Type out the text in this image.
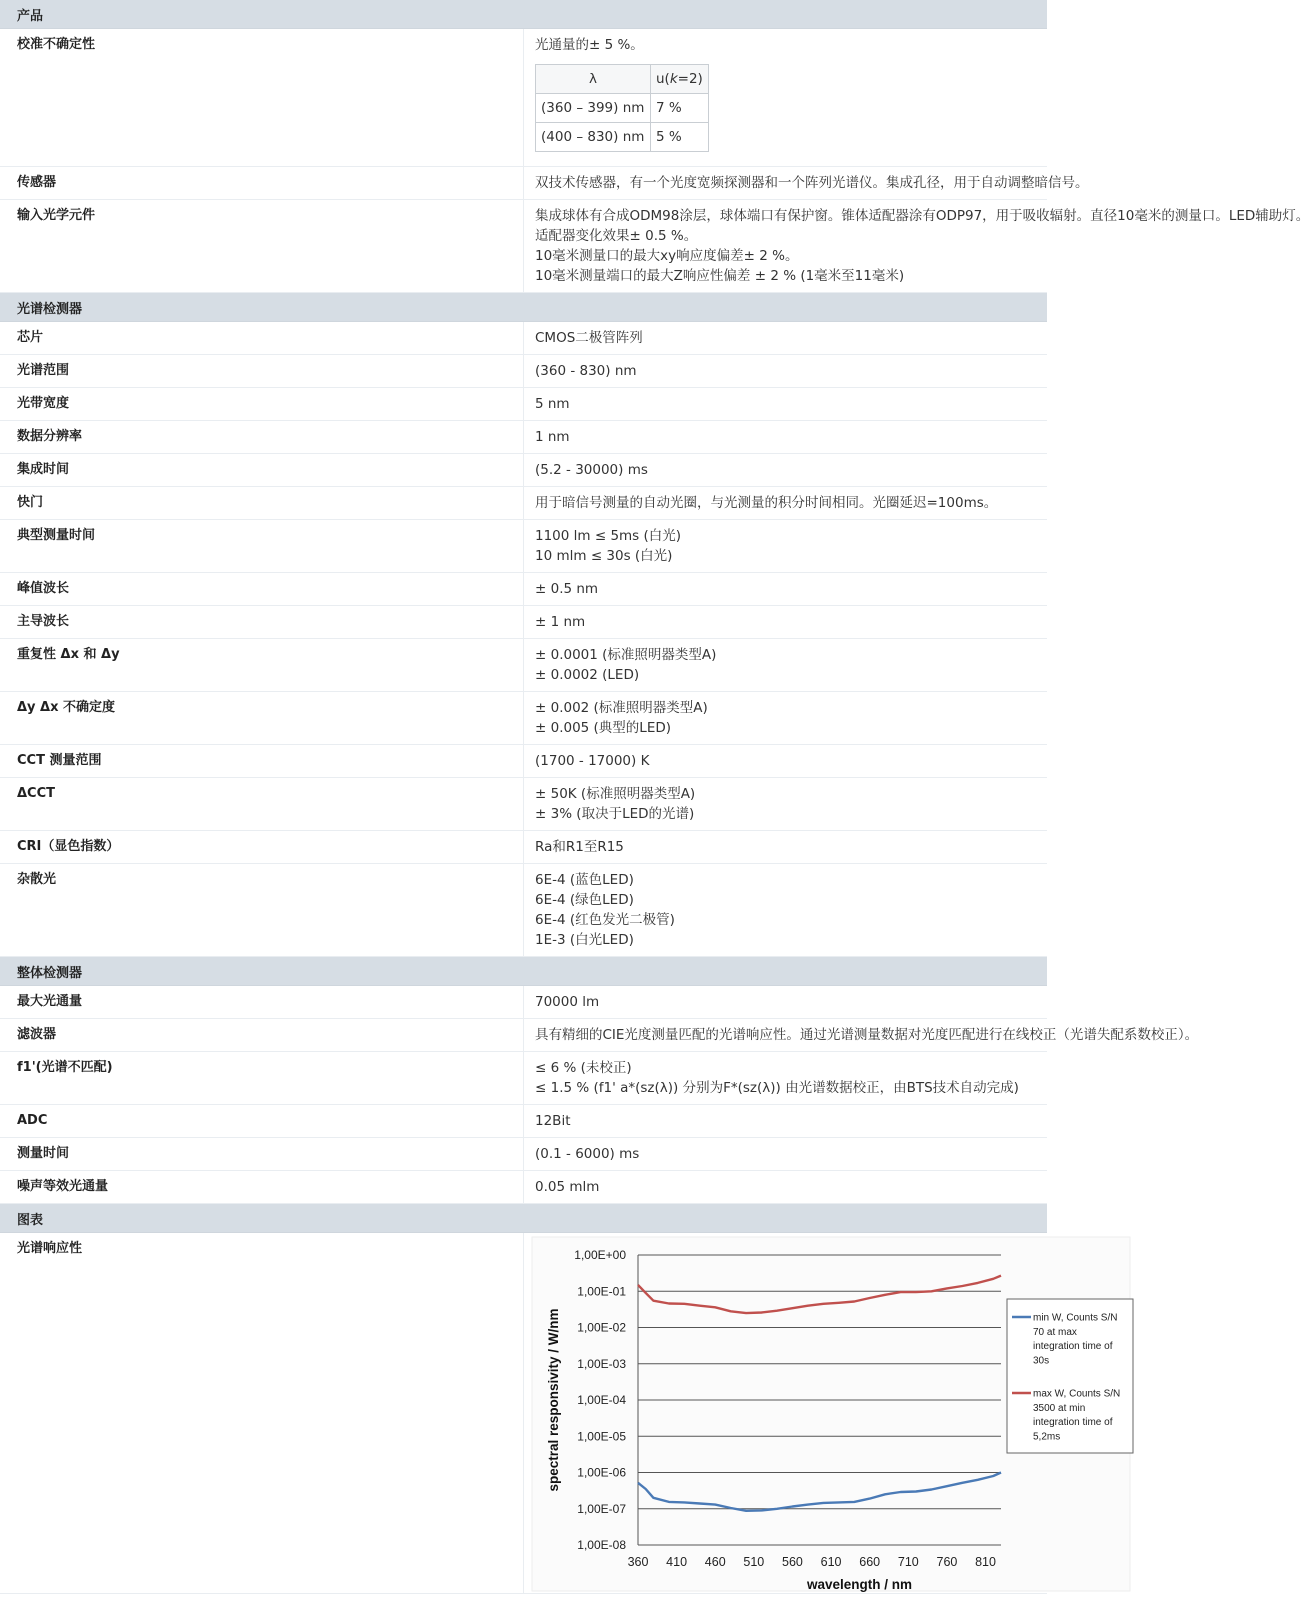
产品
校准不确定性	光通量的± 5 %。
λ	u(k=2)
(360 – 399) nm	7 %
(400 – 830) nm	5 %

传感器	双技术传感器，有一个光度宽频探测器和一个阵列光谱仪。集成孔径，用于自动调整暗信号。

输入光学元件	集成球体有合成ODM98涂层，球体端口有保护窗。锥体适配器涂有ODP97，用于吸收辐射。直径10毫米的测量口。LED辅助灯。
适配器变化效果± 0.5 %。
10毫米测量口的最大xy响应度偏差± 2 %。
10毫米测量端口的最大Z响应性偏差 ± 2 % (1毫米至11毫米)

光谱检测器
芯片	CMOS二极管阵列

光谱范围	(360 - 830) nm

光带宽度	5 nm

数据分辨率	1 nm

集成时间	(5.2 - 30000) ms

快门	用于暗信号测量的自动光圈，与光测量的积分时间相同。光圈延迟=100ms。

典型测量时间	1100 lm ≤ 5ms (白光)
10 mlm ≤ 30s (白光)

峰值波长	± 0.5 nm

主导波长	± 1 nm

重复性 Δx 和 Δy	± 0.0001 (标准照明器类型A)
± 0.0002 (LED)

Δy Δx 不确定度	± 0.002 (标准照明器类型A)
± 0.005 (典型的LED)

CCT 测量范围	(1700 - 17000) K

ΔCCT	± 50K (标准照明器类型A)
± 3% (取决于LED的光谱)

CRI（显色指数）	Ra和R1至R15

杂散光	6E-4 (蓝色LED)
6E-4 (绿色LED)
6E-4 (红色发光二极管)
1E-3 (白光LED)

整体检测器
最大光通量	70000 lm

滤波器	具有精细的CIE光度测量匹配的光谱响应性。通过光谱测量数据对光度匹配进行在线校正（光谱失配系数校正）。

f1'(光谱不匹配)	≤ 6 % (未校正)
≤ 1.5 % (f1' a*(sz(λ)) 分别为F*(sz(λ)) 由光谱数据校正，由BTS技术自动完成)

ADC	12Bit

测量时间	(0.1 - 6000) ms

噪声等效光通量	0.05 mlm

图表
光谱响应性	1,00E+00
1,00E-01
1,00E-02
1,00E-03
1,00E-04
1,00E-05
1,00E-06
1,00E-07
1,00E-08
360 410 460 510 560 610 660 710 760 810
wavelength / nm
spectral responsivity / W/nm	min W, Counts S/N
70 at max
integration time of
30s
max W, Counts S/N
3500 at min
integration time of
5,2ms
